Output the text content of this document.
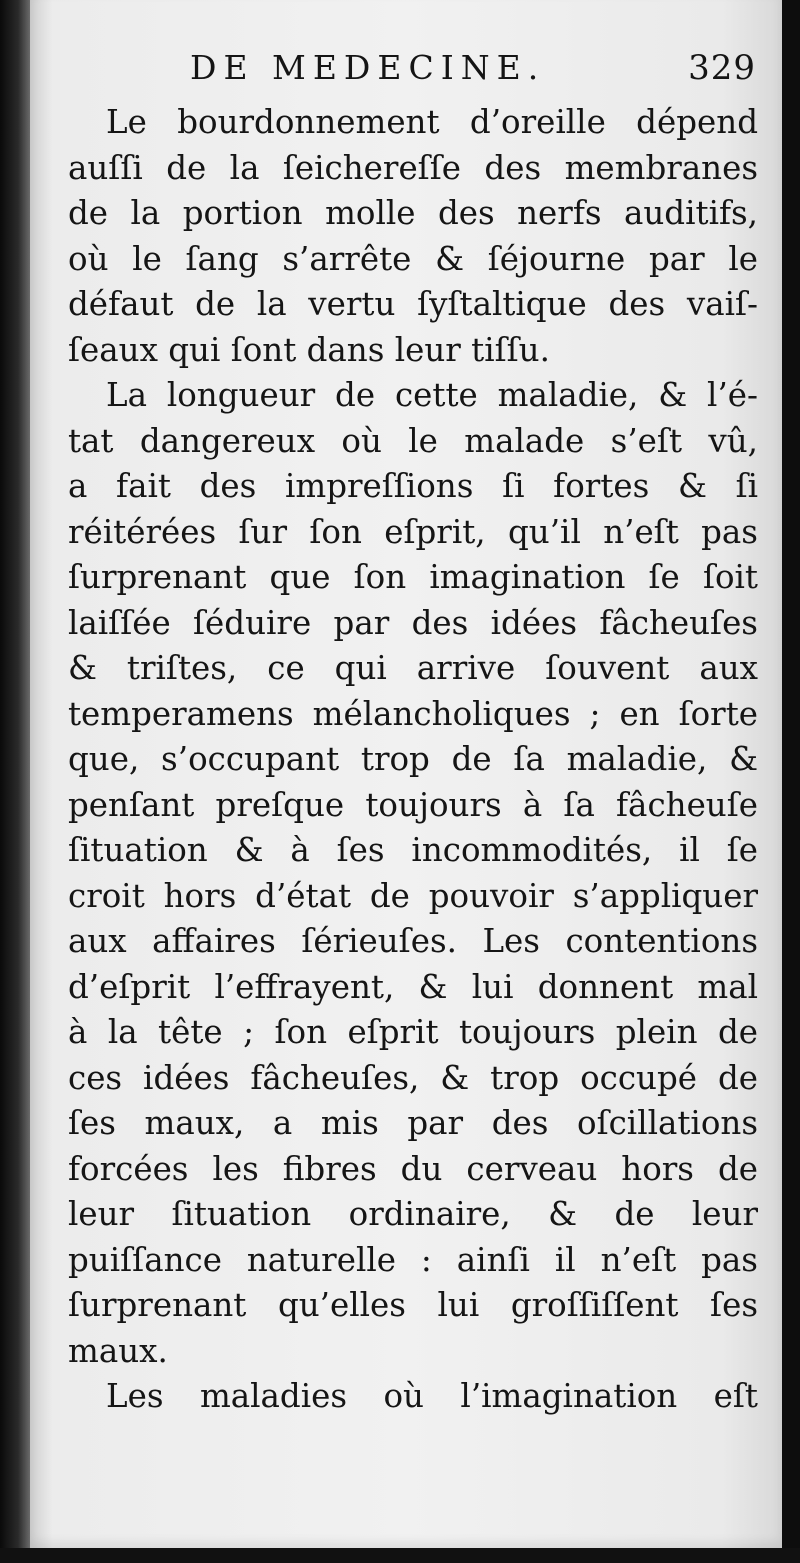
DE MEDECINE.	329
Le bourdonnement d’oreille dépend
auſſi de la ſeichereſſe des membranes
de la portion molle des nerfs auditifs,
où le ſang s’arrête & ſéjourne par le
défaut de la vertu ſyſtaltique des vaiſ-
ſeaux qui ſont dans leur tiſſu.
La longueur de cette maladie, & l’é-
tat dangereux où le malade s’eſt vû,
a fait des impreſſions ſi fortes & ſi
réitérées ſur ſon eſprit, qu’il n’eſt pas
ſurprenant que ſon imagination ſe ſoit
laiſſée ſéduire par des idées fâcheuſes
& triſtes, ce qui arrive ſouvent aux
temperamens mélancholiques ; en ſorte
que, s’occupant trop de ſa maladie, &
penſant preſque toujours à ſa fâcheuſe
ſituation & à ſes incommodités, il ſe
croit hors d’état de pouvoir s’appliquer
aux affaires ſérieuſes. Les contentions
d’eſprit l’effrayent, & lui donnent mal
à la tête ; ſon eſprit toujours plein de
ces idées fâcheuſes, & trop occupé de
ſes maux, a mis par des oſcillations
forcées les fibres du cerveau hors de
leur ſituation ordinaire, & de leur
puiſſance naturelle : ainſi il n’eſt pas
ſurprenant qu’elles lui groſſiſſent ſes
maux.
Les maladies où l’imagination eſt
